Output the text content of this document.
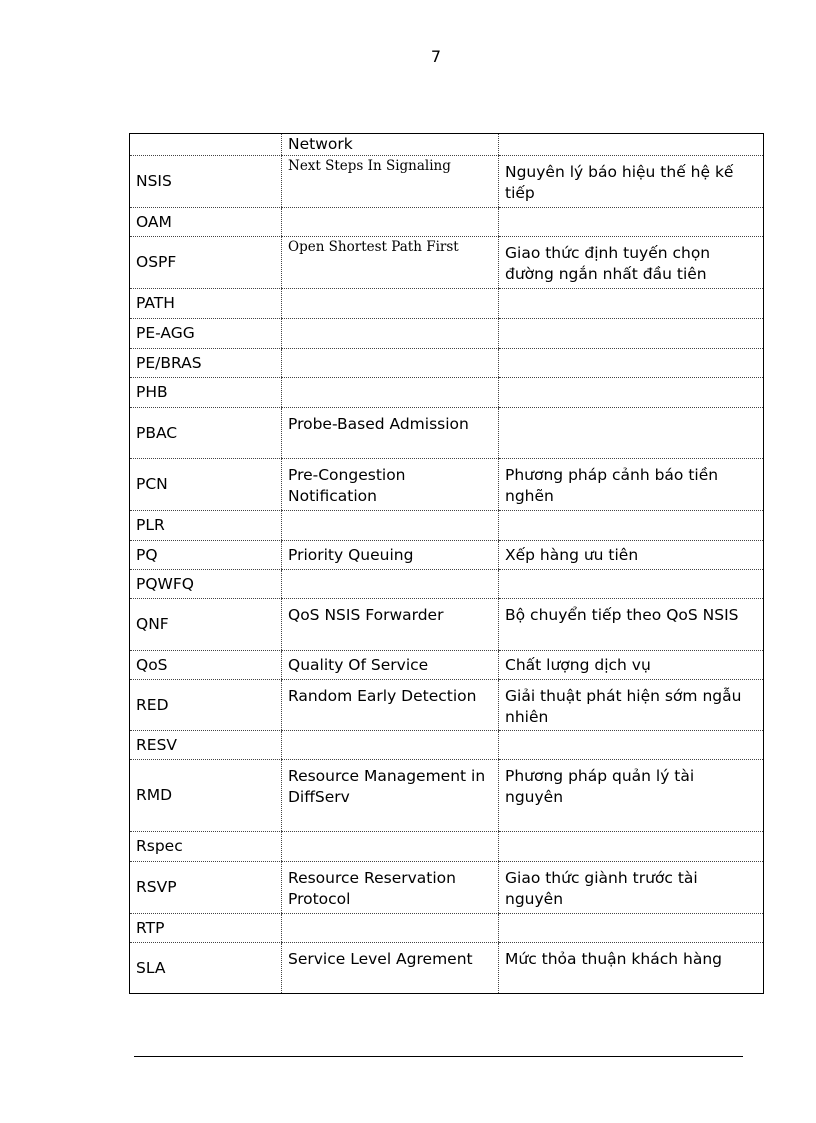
7
	Network	
NSIS	Next Steps In Signaling	Nguyên lý báo hiệu thế hệ kế tiếp
OAM		
OSPF	Open Shortest Path First	Giao thức định tuyến chọn đường ngắn nhất đầu tiên
PATH		
PE-AGG		
PE/BRAS		
PHB		
PBAC	Probe-Based Admission	
PCN	Pre-Congestion Notification	Phương pháp cảnh báo tiền nghẽn
PLR		
PQ	Priority Queuing	Xếp hàng ưu tiên
PQWFQ		
QNF	QoS NSIS Forwarder	Bộ chuyển tiếp theo QoS NSIS
QoS	Quality Of Service	Chất lượng dịch vụ
RED	Random Early Detection	Giải thuật phát hiện sớm ngẫu nhiên
RESV		
RMD	Resource Management in DiffServ	Phương pháp quản lý tài nguyên
Rspec		
RSVP	Resource Reservation Protocol	Giao thức giành trước tài nguyên
RTP		
SLA	Service Level Agrement	Mức thỏa thuận khách hàng
